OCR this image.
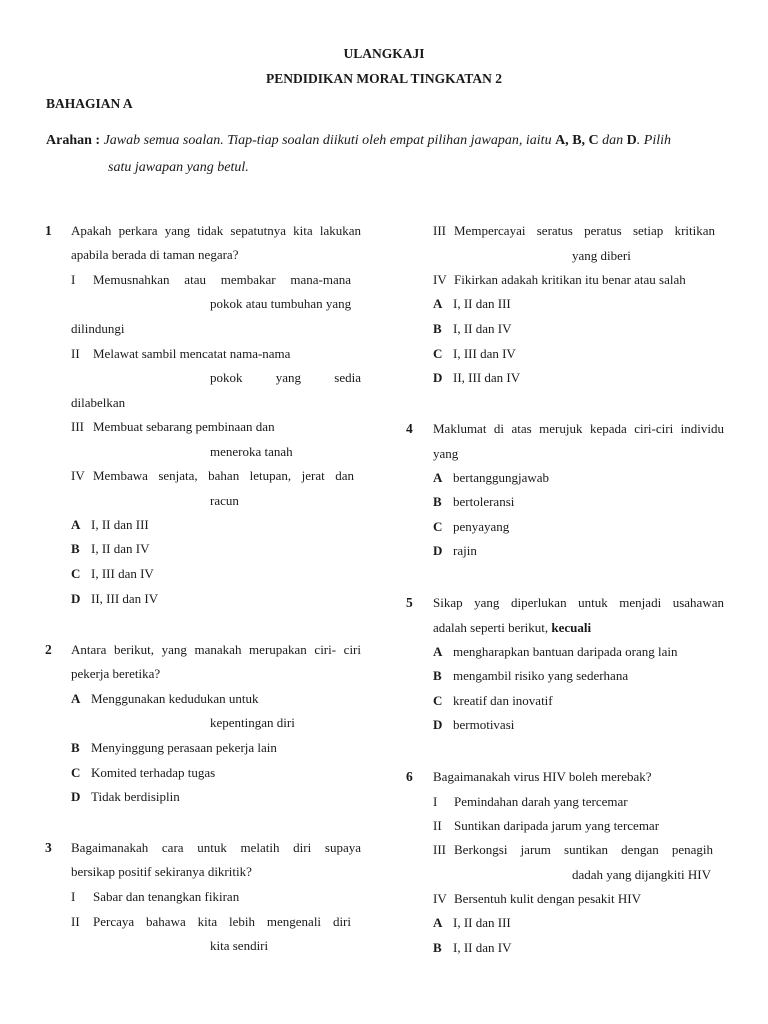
ULANGKAJI
PENDIDIKAN MORAL TINGKATAN 2
BAHAGIAN A
Arahan : Jawab semua soalan. Tiap-tiap soalan diikuti oleh empat pilihan jawapan, iaitu A, B, C dan D. Pilih
satu jawapan yang betul.
1 Apakah perkara yang tidak sepatutnya kita lakukan
apabila berada di taman negara?
I Memusnahkan atau membakar mana-mana
pokok atau tumbuhan yang
dilindungi
II Melawat sambil mencatat nama-nama
pokok yang sedia
dilabelkan
III Membuat sebarang pembinaan dan
meneroka tanah
IV Membawa senjata, bahan letupan, jerat dan
racun
A I, II dan III
B I, II dan IV
C I, III dan IV
D II, III dan IV
2 Antara berikut, yang manakah merupakan ciri- ciri
pekerja beretika?
A Menggunakan kedudukan untuk
kepentingan diri
B Menyinggung perasaan pekerja lain
C Komited terhadap tugas
D Tidak berdisiplin
3 Bagaimanakah cara untuk melatih diri supaya
bersikap positif sekiranya dikritik?
I Sabar dan tenangkan fikiran
II Percaya bahawa kita lebih mengenali diri
kita sendiri
III Mempercayai seratus peratus setiap kritikan
yang diberi
IV Fikirkan adakah kritikan itu benar atau salah
A I, II dan III
B I, II dan IV
C I, III dan IV
D II, III dan IV
4 Maklumat di atas merujuk kepada ciri-ciri individu
yang
A bertanggungjawab
B bertoleransi
C penyayang
D rajin
5 Sikap yang diperlukan untuk menjadi usahawan
adalah seperti berikut, kecuali
A mengharapkan bantuan daripada orang lain
B mengambil risiko yang sederhana
C kreatif dan inovatif
D bermotivasi
6 Bagaimanakah virus HIV boleh merebak?
I Pemindahan darah yang tercemar
II Suntikan daripada jarum yang tercemar
III Berkongsi jarum suntikan dengan penagih
dadah yang dijangkiti HIV
IV Bersentuh kulit dengan pesakit HIV
A I, II dan III
B I, II dan IV
